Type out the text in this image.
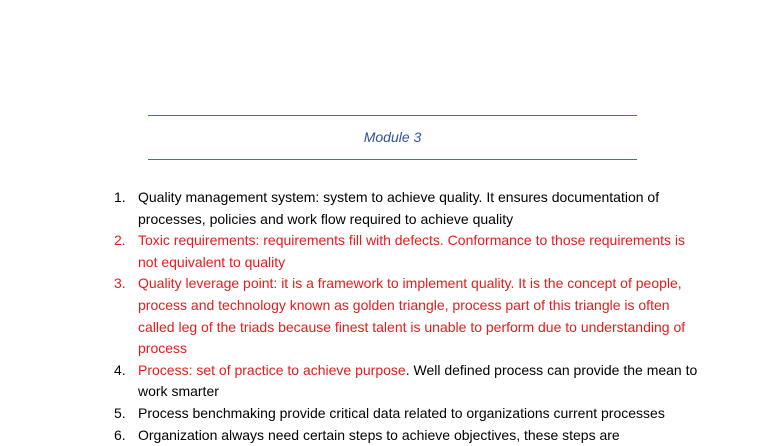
Module 3
1. Quality management system: system to achieve quality. It ensures documentation of processes, policies and work flow required to achieve quality
2. Toxic requirements: requirements fill with defects. Conformance to those requirements is not equivalent to quality
3. Quality leverage point: it is a framework to implement quality. It is the concept of people, process and technology known as golden triangle, process part of this triangle is often called leg of the triads because finest talent is unable to perform due to understanding of process
4. Process: set of practice to achieve purpose. Well defined process can provide the mean to work smarter
5. Process benchmaking provide critical data related to organizations current processes
6. Organization always need certain steps to achieve objectives, these steps are
